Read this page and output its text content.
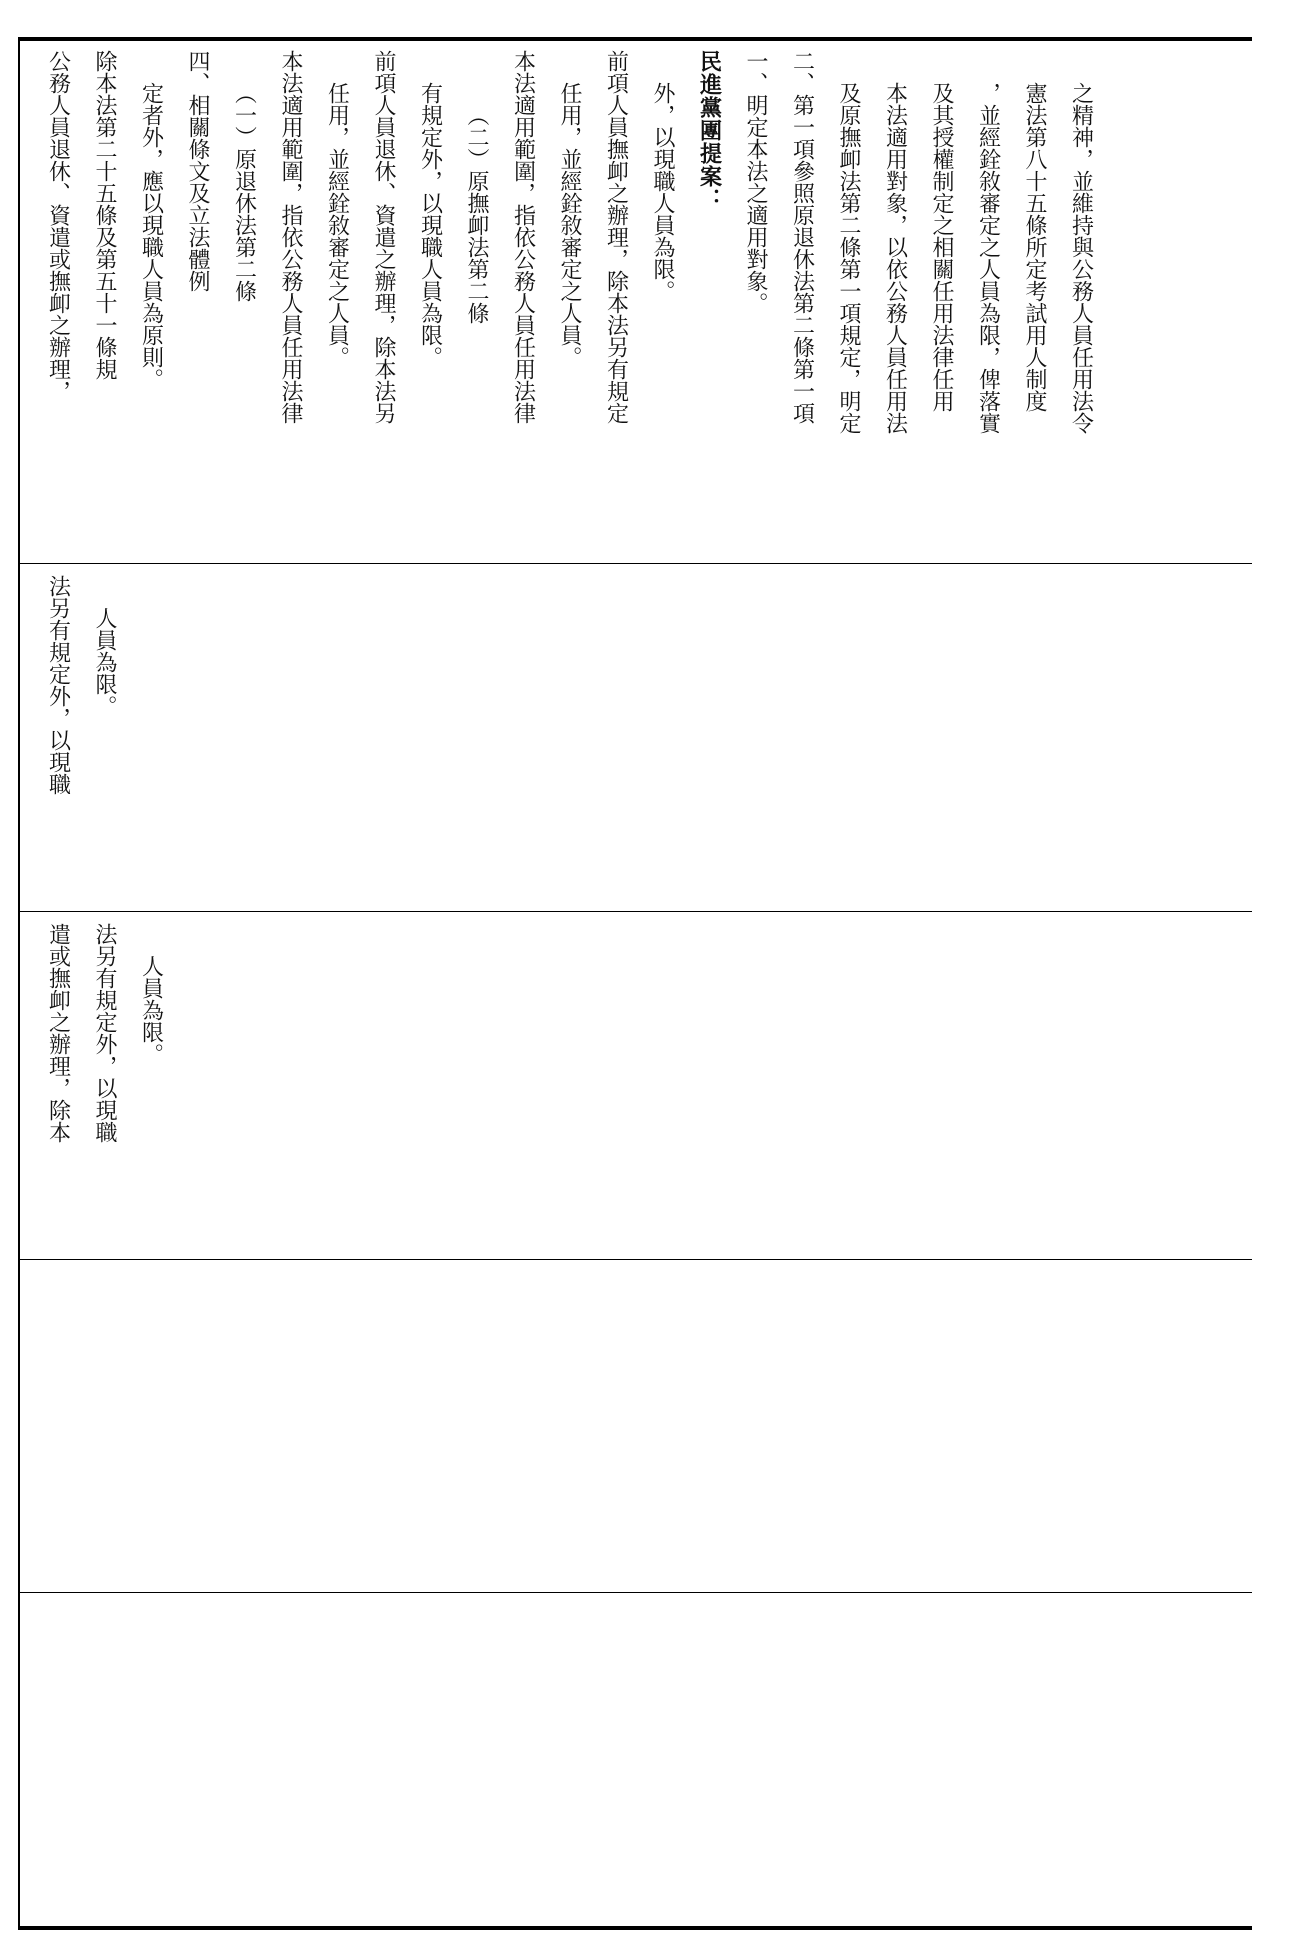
公務人員退休、資遣或撫卹之辦理， 除本法第二十五條及第五十一條規 定者外，應以現職人員為原則。 四、相關條文及立法體例 （一）原退休法第二條 本法適用範圍，指依公務人員任用法律 任用，並經銓敘審定之人員。 前項人員退休、資遣之辦理，除本法另 有規定外，以現職人員為限。 （二）原撫卹法第二條 本法適用範圍，指依公務人員任用法律 任用，並經銓敘審定之人員。 前項人員撫卹之辦理，除本法另有規定 外，以現職人員為限。 民進黨團提案： 一、明定本法之適用對象。 二、第一項參照原退休法第二條第一項 及原撫卹法第二條第一項規定，明定 本法適用對象，以依公務人員任用法 及其授權制定之相關任用法律任用 ，並經銓敘審定之人員為限，俾落實 憲法第八十五條所定考試用人制度 之精神，並維持與公務人員任用法令

法另有規定外，以現職 人員為限。

遣或撫卹之辦理，除本 法另有規定外，以現職 人員為限。
